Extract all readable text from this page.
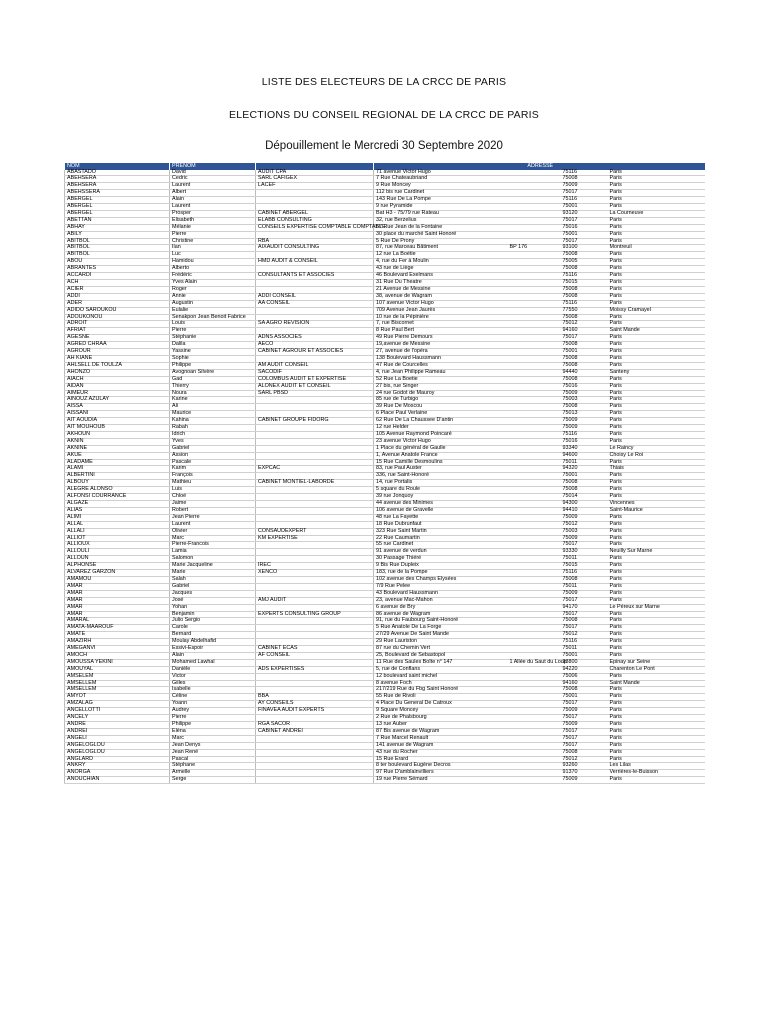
LISTE DES ELECTEURS DE LA CRCC DE PARIS
ELECTIONS DU CONSEIL REGIONAL DE LA CRCC DE PARIS
Dépouillement le Mercredi 30 Septembre 2020
NOM	PRENOM		ADRESSE			
ABASTADO	David	AUDIT CPA	71 avenue Victor Hugo		75116	Paris
ABEHSERA	Cedric	SARL CAFIGEX	7 Rue Chateaubriand		75008	Paris
ABEHSERA	Laurent	LACEF	9 Rue Moncey		75009	Paris
ABEHSSERA	Albert		112 bis rue Cardinet		75017	Paris
ABERGEL	Alain		143 Rue De La Pompe		75116	Paris
ABERGEL	Laurent		9 rue Pyramide		75001	Paris
ABERGEL	Prosper	CABINET ABERGEL	Bat H3 - 75/79 rue Rateau		93120	La Courneuve
ABETTAN	Elisabeth	ELABB CONSULTING	32, rue Berzelius		75017	Paris
ABHAY	Mélanie	CONSEILS EXPERTISE COMPTABLE COMPTABLE	67 Rue Jean de la Fontaine		75016	Paris
ABILY	Pierre		30 place du marché Saint Honoré		75001	Paris
ABITBOL	Christine	RBA	5 Rue De Prony		75017	Paris
ABITBOL	Ilan	AIXAUDIT CONSULTING	87, rue Marceau Bâtiment	BP 176	93100	Montreuil
ABITBOL	Luc		12 rue La Boétie		75008	Paris
ABOU	Hamidou	HMD AUDIT & CONSEIL	4, rue du Fer à Moulin		75005	Paris
ABRANTES	Alberto		43 rue de Liège		75008	Paris
ACCARDI	Frédéric	CONSULTANTS ET ASSOCIES	46 Boulevard Exelmans		75116	Paris
ACH	Yves Alain		31 Rue Du Theatre		75015	Paris
ACIER	Roger		21 Avenue de Messine		75008	Paris
ADDI	Annie	ADDI CONSEIL	38, avenue de Wagram		75008	Paris
ADER	Augustin	AA CONSEIL	107 avenue Victor Hugo		75116	Paris
ADIDO SAROUKOU	Eulalie		709 Avenue Jean Jaurès		77550	Moissy Cramayel
ADOUKONOU	Senakpon Jean Benoit Fabrice		10 rue de la Pépinière		75008	Paris
ADROIT	Louis	SA AGRO REVISION	7, rue Biscornet		75012	Paris
AFRIAT	Pierre		8 Rue Paul Bert		94160	Saint Mande
AGESNE	Stéphanie	ADNS ASSOCIES	49 Rue Pierre Demours		75017	Paris
AGRED CHRAA	Dalila	AECO	19,avenue de Messine		75008	Paris
AGROUR	Yassine	CABINET AGROUR ET ASSOCIES	27, avenue de l'opéra		75001	Paris
AH KIANE	Sophie		138 Boulevard Haussmann		75008	Paris
AHLSELL DE TOULZA	Philippe	AM AUDIT CONSEIL	47 Rue de Courcelles		75008	Paris
AHONZO	Avognoan Silvère	SACODIF	4, rue Jean Philippe Rameau		94440	Santeny
AIACH	Gad	COLOMBUS AUDIT ET EXPERTISE	52 Rue La Boetie		75008	Paris
AIDAN	Thierry	ALONEX AUDIT ET CONSEIL	27 bis, rue Singer		75016	Paris
AIMEUR	Noura	SARL PBSD	24 rue Godot de Mauroy		75009	Paris
AINOUZ AZULAY	Karine		85 rue de Turbigo		75003	Paris
AISSA	Ali		39 Rue De Moscou		75008	Paris
AISSANI	Maurice		6 Place Paul Verlaine		75013	Paris
AIT AOUDIA	Kahina	CABINET GROUPE FIDORG	62 Rue De La Chaussee D'antin		75009	Paris
AIT MOUHOUB	Rabah		12 rue Helder		75009	Paris
AKHOUN	Idrich		105 Avenue Raymond Poincaré		75116	Paris
AKNIN	Yves		23 avenue Victor Hugo		75016	Paris
AKNINE	Gabriel		1 Place du général de Gaulle		93340	Le Raincy
AKUE	Assion		1, Avenue Anatole France		94600	Choisy Le Roi
ALADAME	Pascale		15 Rue Camille Desmoulins		75011	Paris
ALAMI	Karim	EXPCAC	83, rue Paul Auster		94320	Thiais
ALBERTINI	François		336, rue Saint-Honoré		75001	Paris
ALBOUY	Mathieu	CABINET MONTIEL-LABORDE	14, rue Portalis		75008	Paris
ALEGRE ALONSO	Luis		5 square du Roule		75008	Paris
ALFONSI COURRANCE	Chloé		39 rue Jonquoy		75014	Paris
ALGAZE	Jaime		44 avenue des Minimes		94300	Vincennes
ALIAS	Robert		106 avenue de Gravelle		94410	Saint-Maurice
ALIMI	Jean Pierre		48 rue La Fayette		75009	Paris
ALLAL	Laurent		18 Rue Dubrunfaut		75012	Paris
ALLALI	Olivier	CONSAUDEXPERT	323 Rue Saint Martin		75003	Paris
ALLIOT	Marc	KM EXPERTISE	22 Rue Caumartin		75009	Paris
ALLIOUX	Pierre-Francois		55 rue Cardinet		75017	Paris
ALLOULI	Lamia		91 avenue de verdun		93330	Neuilly Sur Marne
ALLOUN	Salomon		30 Passage Thiéré		75011	Paris
ALPHONSE	Marie Jacqueline	IREC	9 Bis Rue Dupleix		75015	Paris
ALVAREZ GARZON	Marie	XENCO	183, rue de la Pompe		75116	Paris
AMAMOU	Salah		102 avenue des Champs Elysées		75008	Paris
AMAR	Gabriel		7/9 Rue Pelee		75011	Paris
AMAR	Jacques		43 Boulevard Haussmann		75009	Paris
AMAR	José	AMJ AUDIT	23, avenue Mac-Mahon		75017	Paris
AMAR	Yohan		6 avenue de Bry		94170	Le Péreux sur Marne
AMAR	Benjamin	EXPERTS CONSULTING GROUP	86 avenue de Wagram		75017	Paris
AMARAL	Julio Sergio		91, rue du Faubourg Saint-Honoré		75008	Paris
AMATA-MAAROUF	Carole		5 Rue Anatole De La Forge		75017	Paris
AMATE	Bernard		27/29 Avenue De Saint Mande		75012	Paris
AMAZIRH	Moulay Abdelhafid		29 Rue Lauriston		75116	Paris
AMEGANVI	Essivi-Espoir	CABINET ECAS	87 rue du Chemin Vert		75011	Paris
AMOCH	Alain	AF CONSEIL	25, Boulevard de Sebastopol		75001	Paris
AMOUSSA YEKINI	Mohamed Lawhal		11 Rue des Saules Boîte n° 147	1 Allée du Saut du Loup	93800	Epinay sur Seine
AMOUYAL	Danièle	ADS EXPERTISES	5, rue de Conflans		94220	Charenton Le Pont
AMSELEM	Victor		12 boulevard saint michel		75006	Paris
AMSELLEM	Gilles		8 avenue Foch		94160	Saint Mande
AMSELLEM	Isabelle		217/219 Rue du Fbg Saint Honoré		75008	Paris
AMYOT	Céline	BBA	55 Rue de Rivoli		75001	Paris
AMZALAG	Yoann	AY CONSEILS	4 Place Du General De Catroux		75017	Paris
ANCELLOTTI	Audrey	FINAVEA AUDIT EXPERTS	9 Square Moncey		75009	Paris
ANCELY	Pierre		2 Rue de Phalsbourg		75017	Paris
ANDRE	Philippe	RGA SACOR	13 rue Auber		75009	Paris
ANDREI	Eléna	CABINET ANDREI	87 Bis avenue de Wagram		75017	Paris
ANGELI	Marc		7 Rue Marcel Renault		75017	Paris
ANGELOGLOU	Jean Denys		141 avenue de Wagram		75017	Paris
ANGELOGLOU	Jean René		43 rue du Rocher		75008	Paris
ANGLARD	Pascal		15 Rue Erard		75012	Paris
ANKRY	Stéphane		8 ter boulevard Eugène Decros		93260	Les Lilas
ANORGA	Armelle		97 Rue D'amblainvilliers		91370	Verrières-le-Buisson
ANOUCHIAN	Serge		19 rue Pierre Sémard		75009	Paris
